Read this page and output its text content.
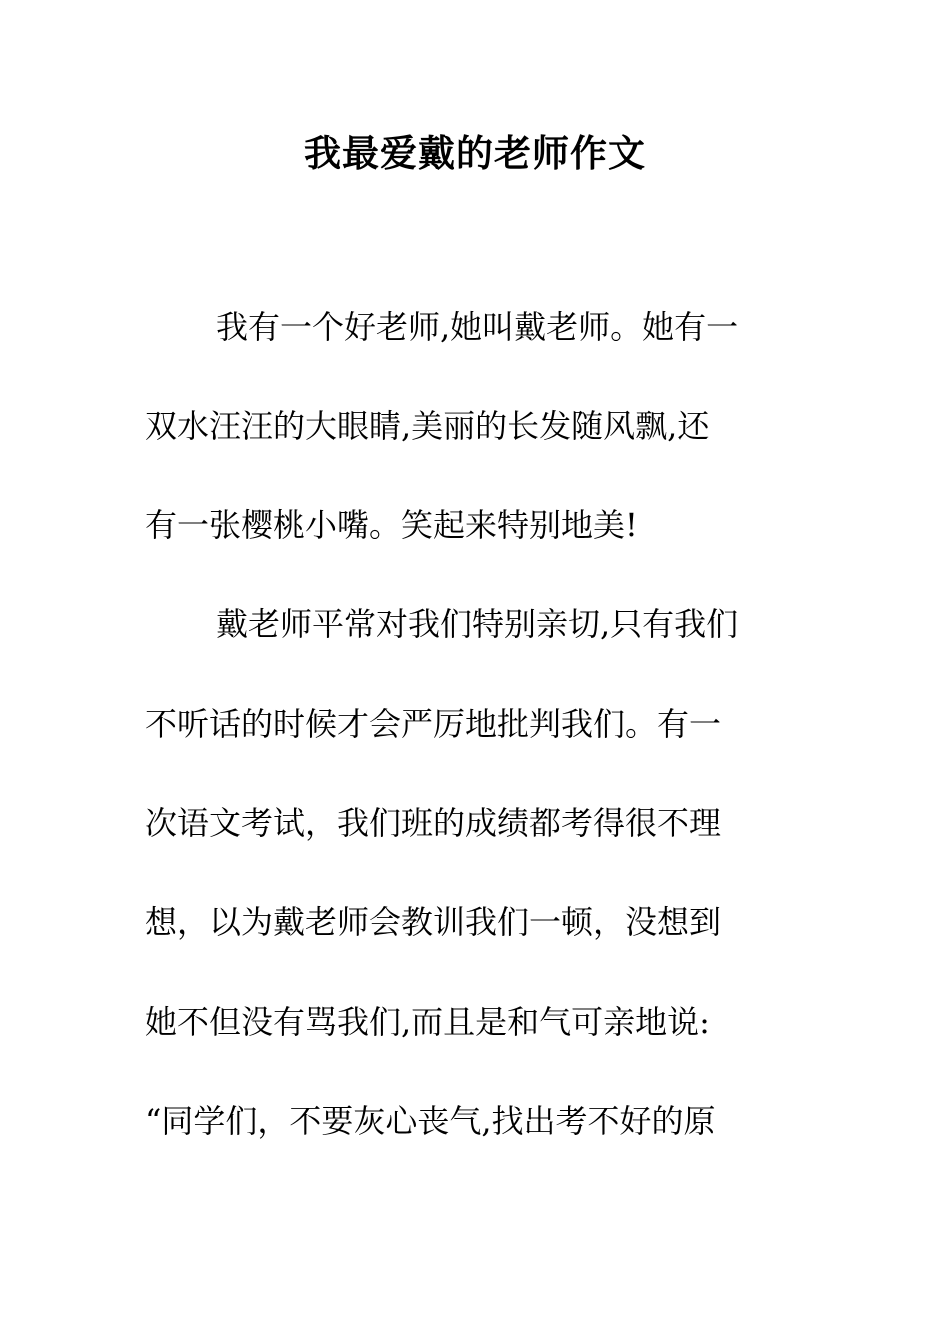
我最爱戴的老师作文
我有一个好老师,她叫戴老师。她有一
双水汪汪的大眼睛,美丽的长发随风飘,还
有一张樱桃小嘴。笑起来特别地美!
戴老师平常对我们特别亲切,只有我们
不听话的时候才会严厉地批判我们。有一
次语文考试，我们班的成绩都考得很不理
想，以为戴老师会教训我们一顿，没想到
她不但没有骂我们,而且是和气可亲地说:
“同学们，不要灰心丧气,找出考不好的原
